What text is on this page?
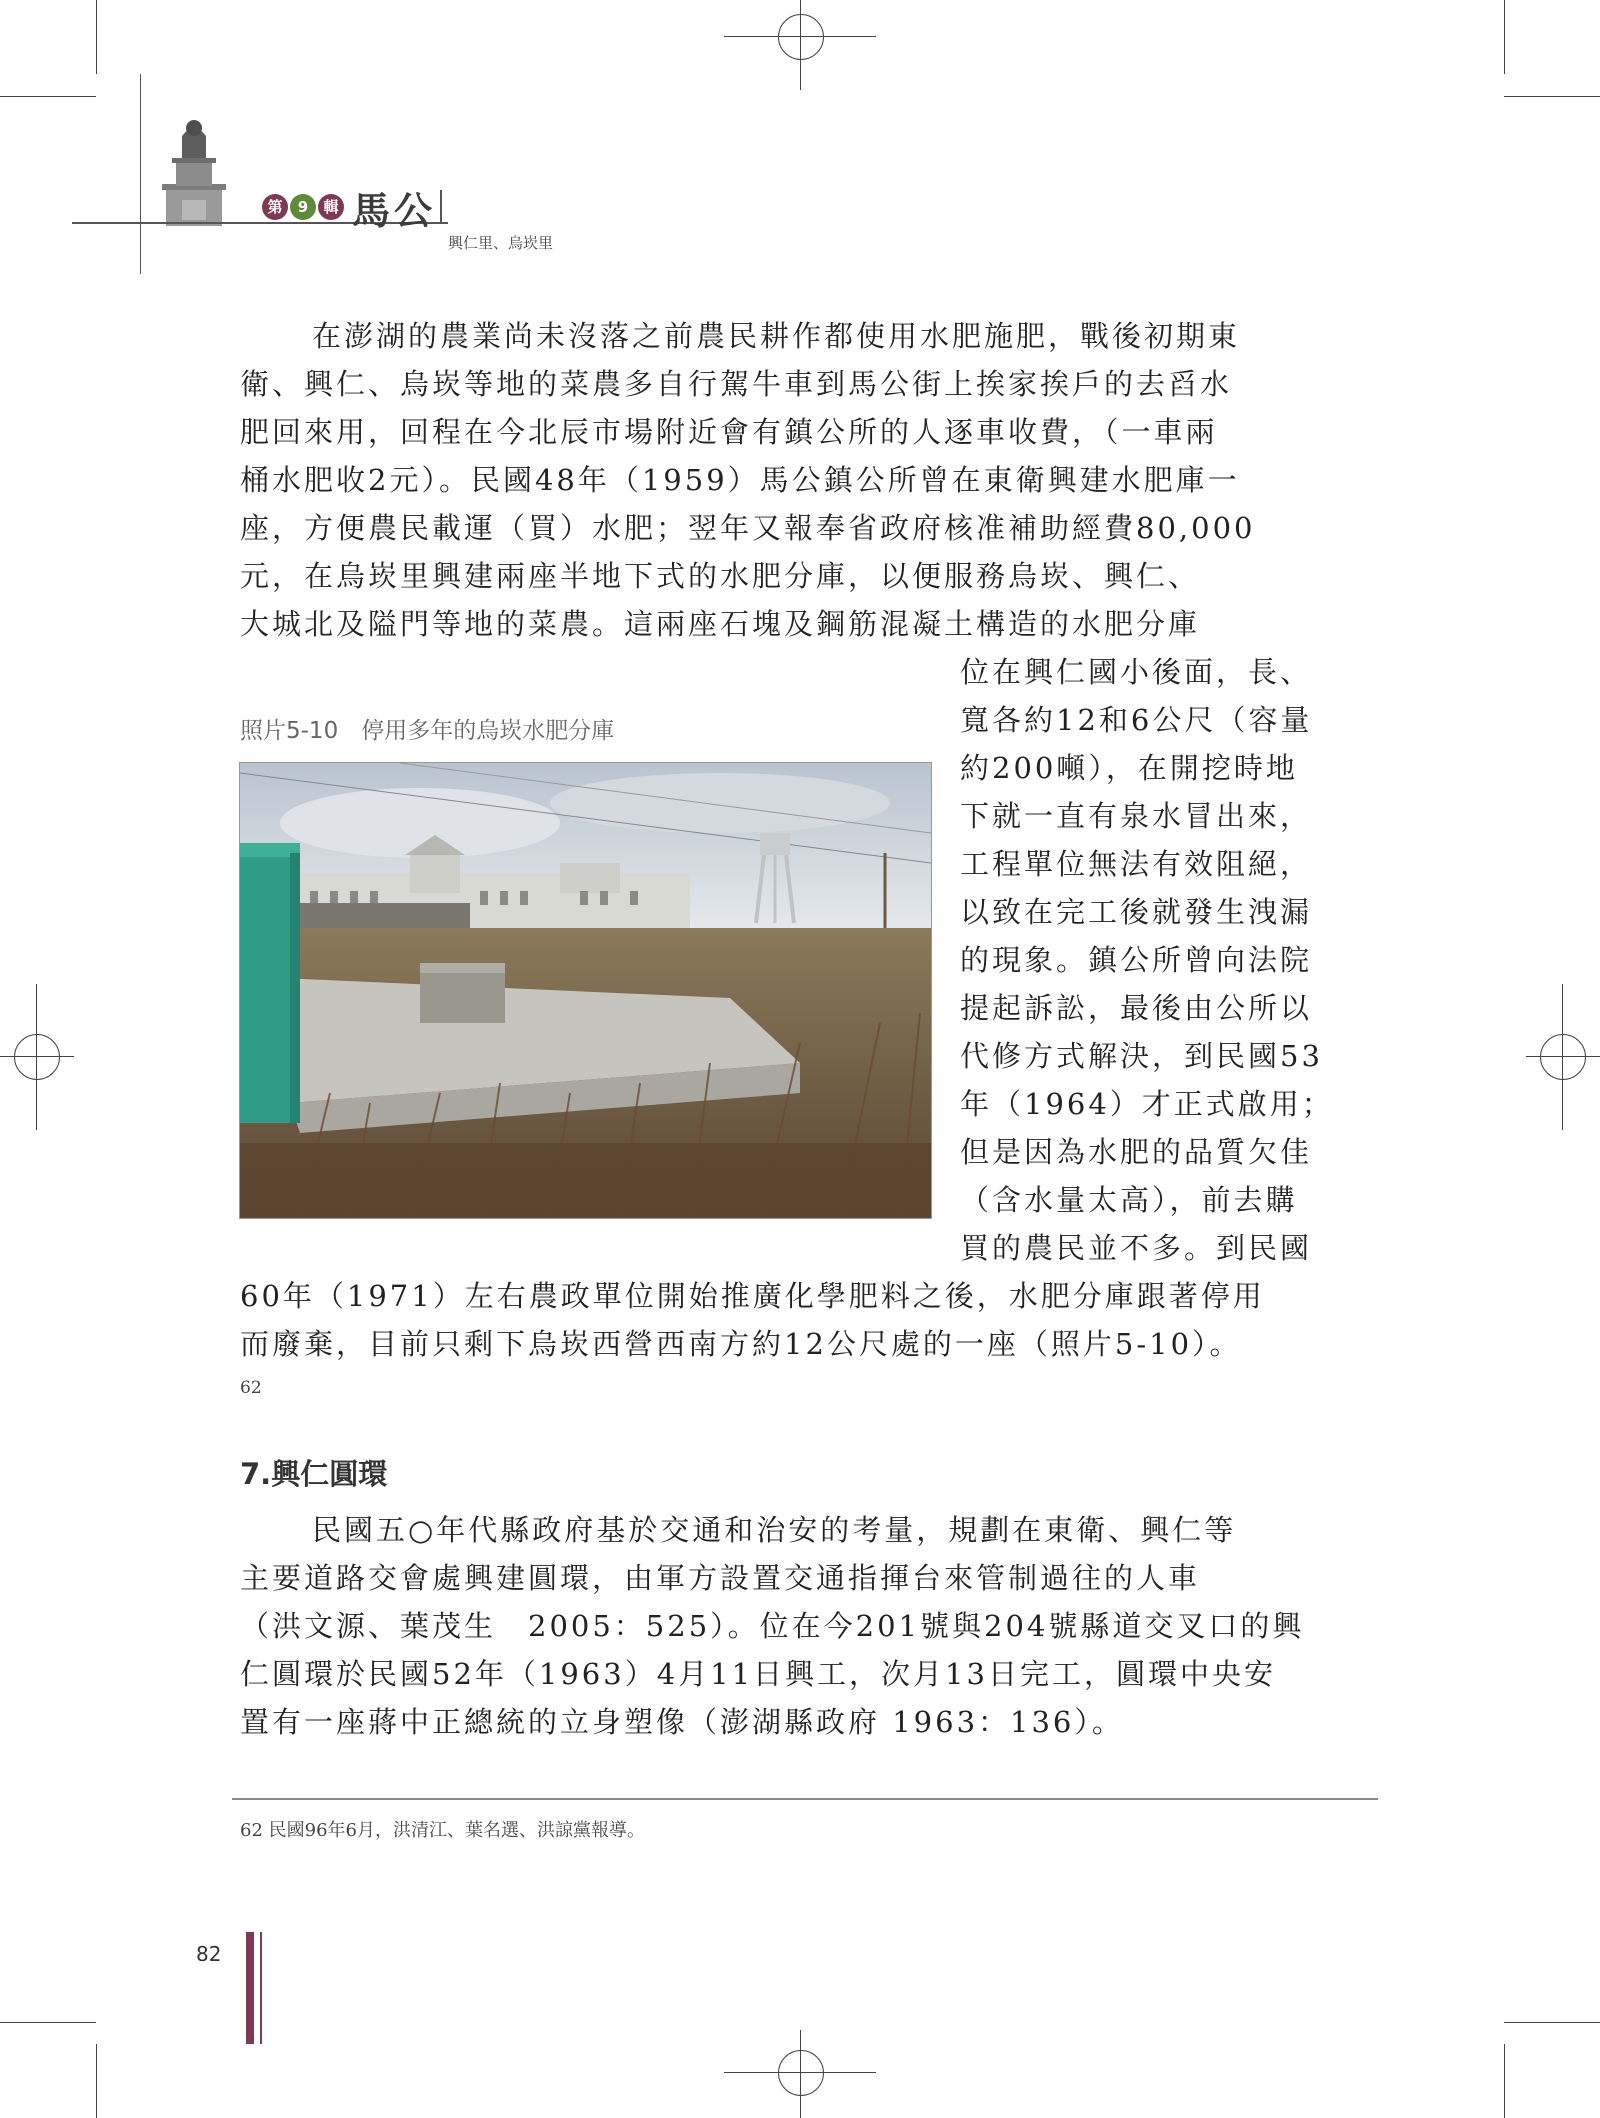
第 9 輯 馬公
興仁里、烏崁里
在澎湖的農業尚未沒落之前農民耕作都使用水肥施肥，戰後初期東
衛、興仁、烏崁等地的菜農多自行駕牛車到馬公街上挨家挨戶的去舀水
肥回來用，回程在今北辰市場附近會有鎮公所的人逐車收費，（一車兩
桶水肥收2元）。民國48年（1959）馬公鎮公所曾在東衛興建水肥庫一
座，方便農民載運（買）水肥；翌年又報奉省政府核准補助經費80,000
元，在烏崁里興建兩座半地下式的水肥分庫，以便服務烏崁、興仁、
大城北及隘門等地的菜農。這兩座石塊及鋼筋混凝土構造的水肥分庫
位在興仁國小後面，長、
寬各約12和6公尺（容量
約200噸），在開挖時地
下就一直有泉水冒出來，
工程單位無法有效阻絕，
以致在完工後就發生洩漏
的現象。鎮公所曾向法院
提起訴訟，最後由公所以
代修方式解決，到民國53
年（1964）才正式啟用；
但是因為水肥的品質欠佳
（含水量太高），前去購
買的農民並不多。到民國
照片5-10　停用多年的烏崁水肥分庫
60年（1971）左右農政單位開始推廣化學肥料之後，水肥分庫跟著停用
而廢棄，目前只剩下烏崁西營西南方約12公尺處的一座（照片5-10）。
62
7.興仁圓環
民國五○年代縣政府基於交通和治安的考量，規劃在東衛、興仁等
主要道路交會處興建圓環，由軍方設置交通指揮台來管制過往的人車
（洪文源、葉茂生　2005：525）。位在今201號與204號縣道交叉口的興
仁圓環於民國52年（1963）4月11日興工，次月13日完工，圓環中央安
置有一座蔣中正總統的立身塑像（澎湖縣政府 1963：136）。
62 民國96年6月，洪清江、葉名選、洪諒黨報導。
82
